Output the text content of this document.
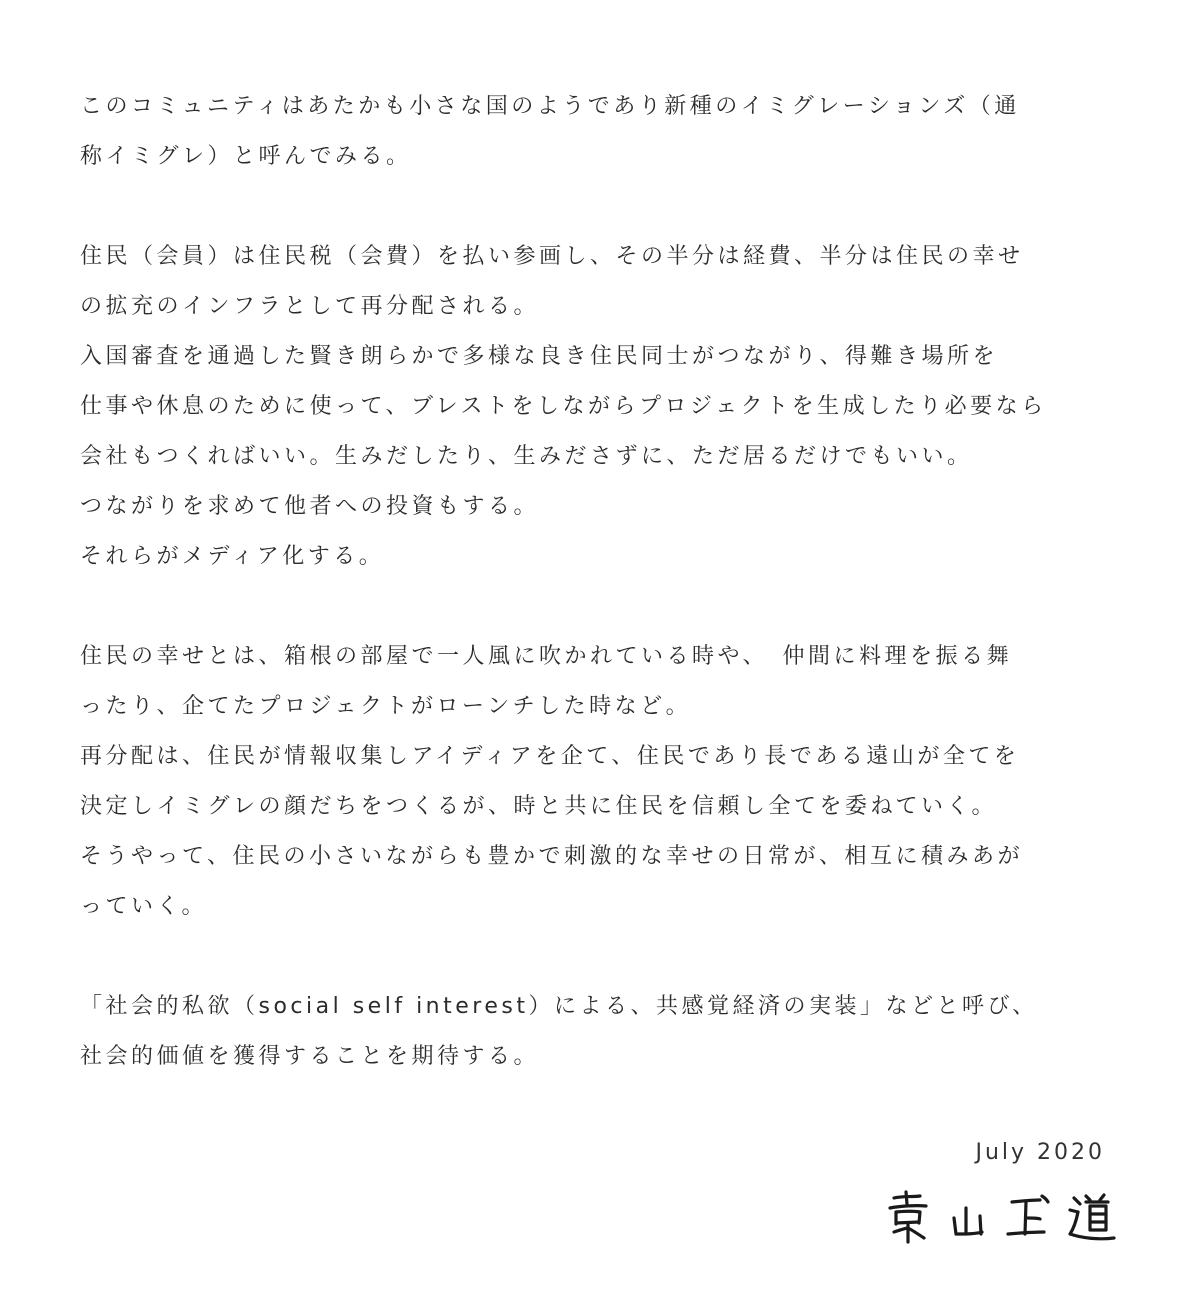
このコミュニティはあたかも小さな国のようであり新種のイミグレーションズ（通
称イミグレ）と呼んでみる。
住民（会員）は住民税（会費）を払い参画し、その半分は経費、半分は住民の幸せ
の拡充のインフラとして再分配される。
入国審査を通過した賢き朗らかで多様な良き住民同士がつながり、得難き場所を
仕事や休息のために使って、ブレストをしながらプロジェクトを生成したり必要なら
会社もつくればいい。生みだしたり、生みださずに、ただ居るだけでもいい。
つながりを求めて他者への投資もする。
それらがメディア化する。
住民の幸せとは、箱根の部屋で一人風に吹かれている時や、　仲間に料理を振る舞
ったり、企てたプロジェクトがローンチした時など。
再分配は、住民が情報収集しアイディアを企て、住民であり長である遠山が全てを
決定しイミグレの顔だちをつくるが、時と共に住民を信頼し全てを委ねていく。
そうやって、住民の小さいながらも豊かで刺激的な幸せの日常が、相互に積みあが
っていく。
「社会的私欲（social self interest）による、共感覚経済の実装」などと呼び、
社会的価値を獲得することを期待する。
July 2020
